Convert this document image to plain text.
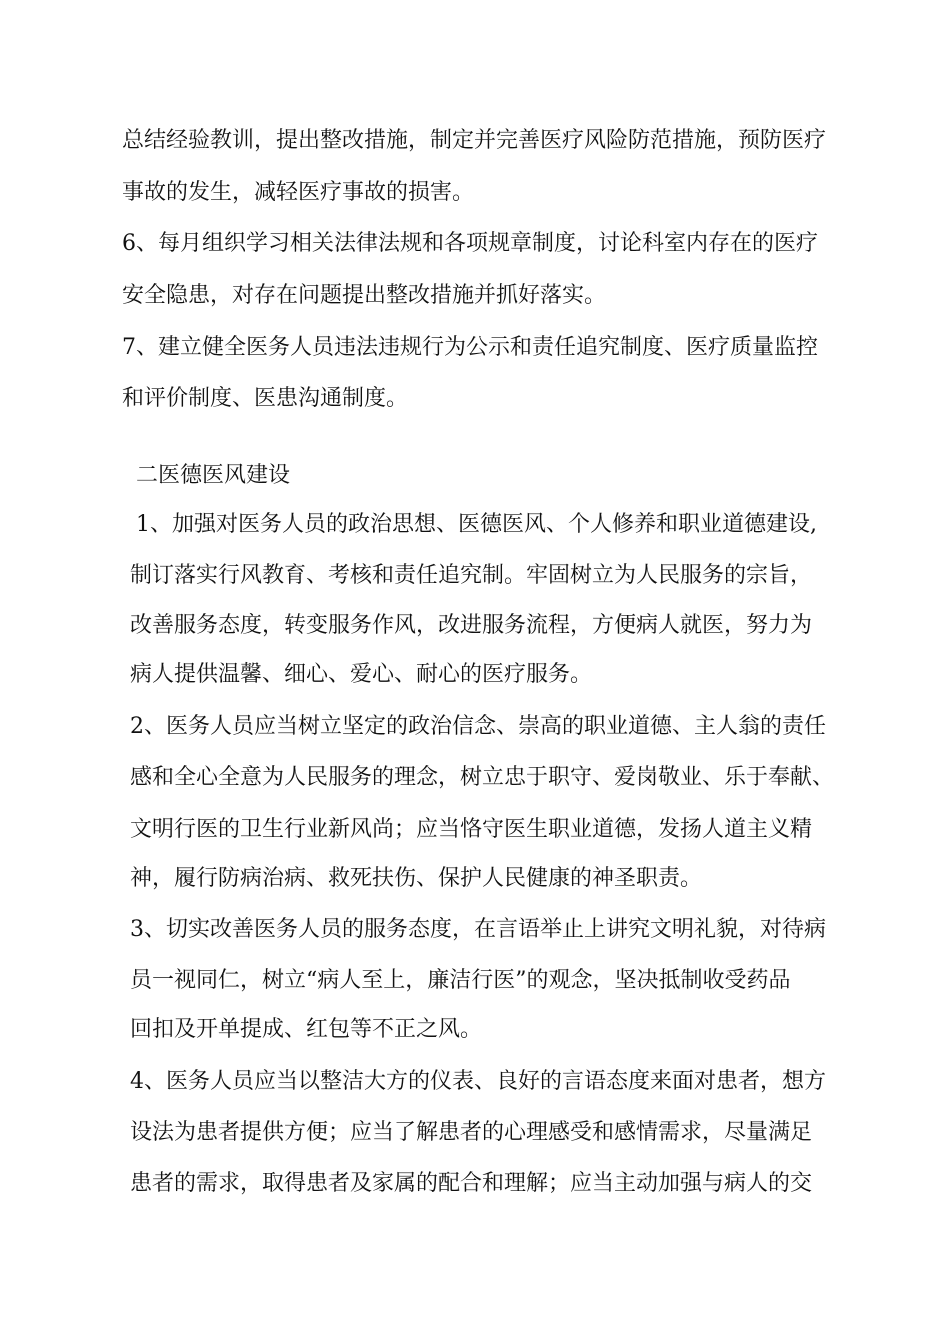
总结经验教训，提出整改措施，制定并完善医疗风险防范措施，预防医疗
事故的发生，减轻医疗事故的损害。
6、每月组织学习相关法律法规和各项规章制度，讨论科室内存在的医疗
安全隐患，对存在问题提出整改措施并抓好落实。
7、建立健全医务人员违法违规行为公示和责任追究制度、医疗质量监控
和评价制度、医患沟通制度。
二医德医风建设
1、加强对医务人员的政治思想、医德医风、个人修养和职业道德建设,
制订落实行风教育、考核和责任追究制。牢固树立为人民服务的宗旨，
改善服务态度，转变服务作风，改进服务流程，方便病人就医，努力为
病人提供温馨、细心、爱心、耐心的医疗服务。
2、医务人员应当树立坚定的政治信念、崇高的职业道德、主人翁的责任
感和全心全意为人民服务的理念，树立忠于职守、爱岗敬业、乐于奉献、
文明行医的卫生行业新风尚；应当恪守医生职业道德，发扬人道主义精
神，履行防病治病、救死扶伤、保护人民健康的神圣职责。
3、切实改善医务人员的服务态度，在言语举止上讲究文明礼貌，对待病
员一视同仁，树立“病人至上，廉洁行医”的观念，坚决抵制收受药品
回扣及开单提成、红包等不正之风。
4、医务人员应当以整洁大方的仪表、良好的言语态度来面对患者，想方
设法为患者提供方便；应当了解患者的心理感受和感情需求，尽量满足
患者的需求，取得患者及家属的配合和理解；应当主动加强与病人的交
